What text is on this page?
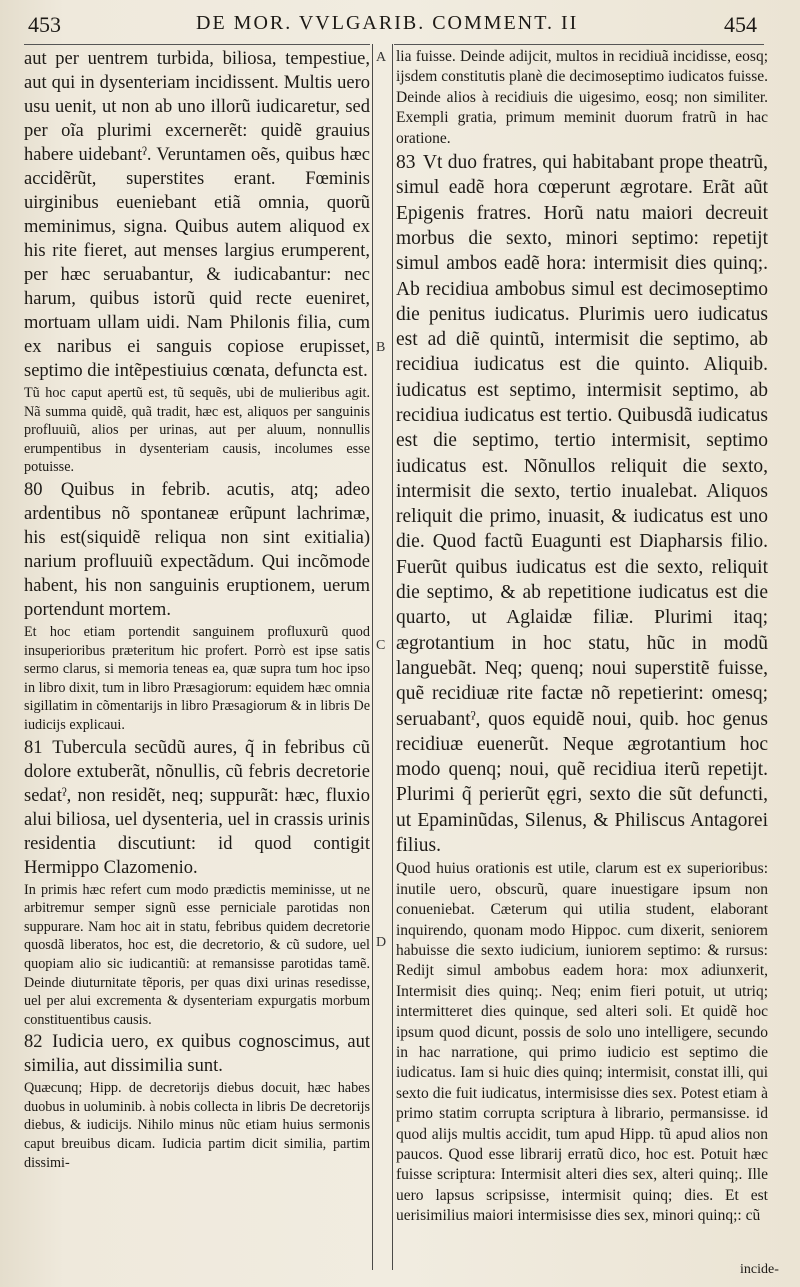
453	DE MOR. VVLGARIB. COMMENT. II	454
A
B
C
D

aut per uentrem turbida, biliosa, tempestiue, aut qui in dysenteriam incidissent. Multis uero usu uenit, ut non ab uno illorũ iudicaretur, sed per oĩa plurimi excernerẽt: quidẽ grauius habere uidebantˀ. Veruntamen oẽs, quibus hæc accidẽrũt, superstites erant. Fœminis uirginibus eueniebant etiã omnia, quorũ meminimus, signa. Quibus autem aliquod ex his rite fieret, aut menses largius erumperent, per hæc seruabantur, & iudicabantur: nec harum, quibus istorũ quid recte eueniret, mortuam ullam uidi. Nam Philonis filia, cum ex naribus ei sanguis copiose erupisset, septimo die intẽpestiuius cœnata, defuncta est.

Tũ hoc caput apertũ est, tũ sequẽs, ubi de mulieribus agit. Nã summa quidẽ, quã tradit, hæc est, aliquos per sanguinis profluuiũ, alios per urinas, aut per aluum, nonnullis erumpentibus in dysenteriam causis, incolumes esse potuisse.

80 Quibus in febrib. acutis, atq; adeo ardentibus nõ spontaneæ erũpunt lachrimæ, his est(siquidẽ reliqua non sint exitialia) narium profluuiũ expectãdum. Qui incõmode habent, his non sanguinis eruptionem, uerum portendunt mortem.

Et hoc etiam portendit sanguinem profluxurũ quod insuperioribus præteritum hic profert. Porrò est ipse satis sermo clarus, si memoria teneas ea, quæ supra tum hoc ipso in libro dixit, tum in libro Præsagiorum: equidem hæc omnia sigillatim in cõmentarijs in libro Præsagiorum & in libris De iudicijs explicaui.

81 Tubercula secũdũ aures, q̃ in febribus cũ dolore extuberãt, nõnullis, cũ febris decretorie sedatˀ, non residẽt, neq; suppurãt: hæc, fluxio alui biliosa, uel dysenteria, uel in crassis urinis residentia discutiunt: id quod contigit Hermippo Clazomenio.

In primis hæc refert cum modo prædictis meminisse, ut ne arbitremur semper signũ esse perniciale parotidas non suppurare. Nam hoc ait in statu, febribus quidem decretorie quosdã liberatos, hoc est, die decretorio, & cũ sudore, uel quopiam alio sic iudicantiũ: at remansisse parotidas tamẽ. Deinde diuturnitate tẽporis, per quas dixi urinas resedisse, uel per alui excrementa & dysenteriam expurgatis morbum constituentibus causis.

82 Iudicia uero, ex quibus cognoscimus, aut similia, aut dissimilia sunt.

Quæcunq; Hipp. de decretorijs diebus docuit, hæc habes duobus in uoluminib. à nobis collecta in libris De decretorijs diebus, & iudicijs. Nihilo minus nũc etiam huius sermonis caput breuibus dicam. Iudicia partim dicit similia, partim dissimi-

lia fuisse. Deinde adijcit, multos in recidiuã incidisse, eosq; ijsdem constitutis planè die decimoseptimo iudicatos fuisse. Deinde alios à recidiuis die uigesimo, eosq; non similiter. Exempli gratia, primum meminit duorum fratrũ in hac oratione.

83 Vt duo fratres, qui habitabant prope theatrũ, simul eadẽ hora cœperunt ægrotare. Erãt aũt Epigenis fratres. Horũ natu maiori decreuit morbus die sexto, minori septimo: repetijt simul ambos eadẽ hora: intermisit dies quinq;. Ab recidiua ambobus simul est decimoseptimo die penitus iudicatus. Plurimis uero iudicatus est ad diẽ quintũ, intermisit die septimo, ab recidiua iudicatus est die quinto. Aliquib. iudicatus est septimo, intermisit septimo, ab recidiua iudicatus est tertio. Quibusdã iudicatus est die septimo, tertio intermisit, septimo iudicatus est. Nõnullos reliquit die sexto, intermisit die sexto, tertio inualebat. Aliquos reliquit die primo, inuasit, & iudicatus est uno die. Quod factũ Euagunti est Diapharsis filio. Fuerũt quibus iudicatus est die sexto, reliquit die septimo, & ab repetitione iudicatus est die quarto, ut Aglaidæ filiæ. Plurimi itaq; ægrotantium in hoc statu, hũc in modũ languebãt. Neq; quenq; noui superstitẽ fuisse, quẽ recidiuæ rite factæ nõ repetierint: omesq; seruabantˀ, quos equidẽ noui, quib. hoc genus recidiuæ euenerũt. Neque ægrotantium hoc modo quenq; noui, quẽ recidiua iterũ repetijt. Plurimi q̃ perierũt ęgri, sexto die sũt defuncti, ut Epaminũdas, Silenus, & Philiscus Antagorei filius.

Quod huius orationis est utile, clarum est ex superioribus: inutile uero, obscurũ, quare inuestigare ipsum non conueniebat. Cæterum qui utilia student, elaborant inquirendo, quonam modo Hippoc. cum dixerit, seniorem habuisse die sexto iudicium, iuniorem septimo: & rursus: Redijt simul ambobus eadem hora: mox adiunxerit, Intermisit dies quinq;. Neq; enim fieri potuit, ut utriq; intermitteret dies quinque, sed alteri soli. Et quidẽ hoc ipsum quod dicunt, possis de solo uno intelligere, secundo in hac narratione, qui primo iudicio est septimo die iudicatus. Iam si huic dies quinq; intermisit, constat illi, qui sexto die fuit iudicatus, intermisisse dies sex. Potest etiam à primo statim corrupta scriptura à librario, permansisse. id quod alijs multis accidit, tum apud Hipp. tũ apud alios non paucos. Quod esse librarij erratũ dico, hoc est. Potuit hæc fuisse scriptura: Intermisit alteri dies sex, alteri quinq;. Ille uero lapsus scripsisse, intermisit quinq; dies. Et est uerisimilius maiori intermisisse dies sex, minori quinq;: cũ

incide-
